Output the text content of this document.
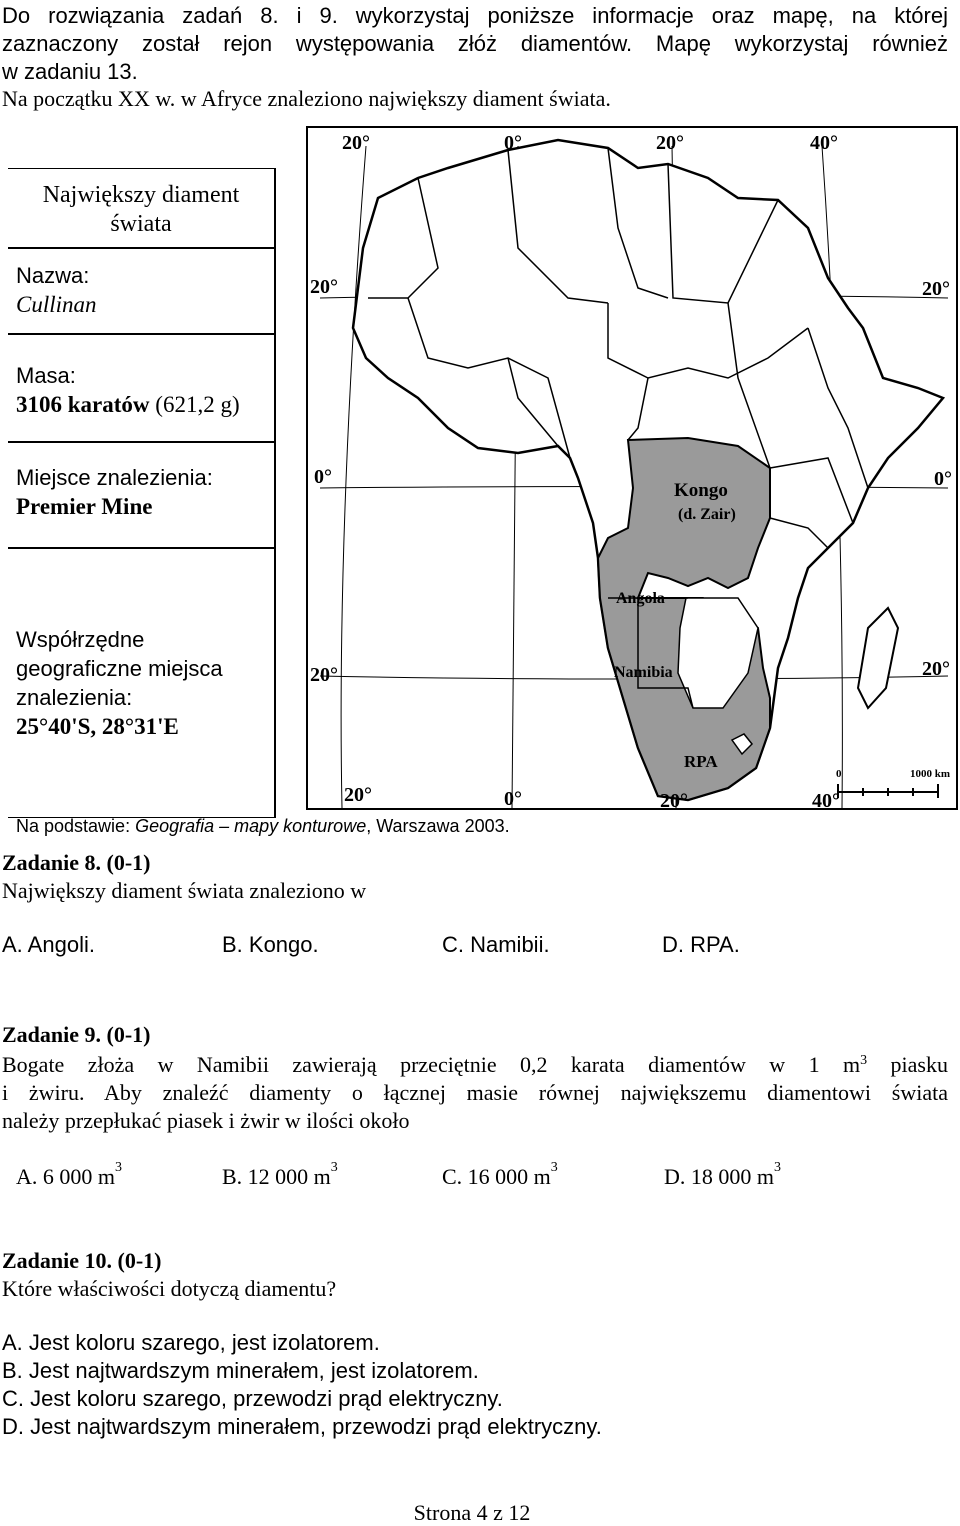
Do rozwiązania zadań 8. i 9. wykorzystaj poniższe informacje oraz mapę, na której
zaznaczony został rejon występowania złóż diamentów. Mapę wykorzystaj również
w zadaniu 13.
Na początku XX w. w Afryce znaleziono największy diament świata.
Największy diament
świata
Nazwa:
Cullinan
Masa:
3106 karatów (621,2 g)
Miejsce znalezienia:
Premier Mine
Współrzędne
geograficzne miejsca
znalezienia:
25°40'S, 28°31'E
20°	0°	20°	40°
20°	20°
0°	0°
20°	20°
Kongo
(d. Zair)
Angola
Namibia
RPA
0	1000 km
20°	0°	20°	40°
Na podstawie: Geografia – mapy konturowe, Warszawa 2003.
Zadanie 8. (0-1)
Największy diament świata znaleziono w
A. Angoli.	B. Kongo.	C. Namibii.	D. RPA.
Zadanie 9. (0-1)
Bogate złoża w Namibii zawierają przeciętnie 0,2 karata diamentów w 1 $m^3$ piasku
i żwiru. Aby znaleźć diamenty o łącznej masie równej największemu diamentowi świata
należy przepłukać piasek i żwir w ilości około
A. 6 000 $m^3$	B. 12 000 $m^3$	C. 16 000 $m^3$	D. 18 000 $m^3$
Zadanie 10. (0-1)
Które właściwości dotyczą diamentu?
A. Jest koloru szarego, jest izolatorem.
B. Jest najtwardszym minerałem, jest izolatorem.
C. Jest koloru szarego, przewodzi prąd elektryczny.
D. Jest najtwardszym minerałem, przewodzi prąd elektryczny.
Strona 4 z 12
